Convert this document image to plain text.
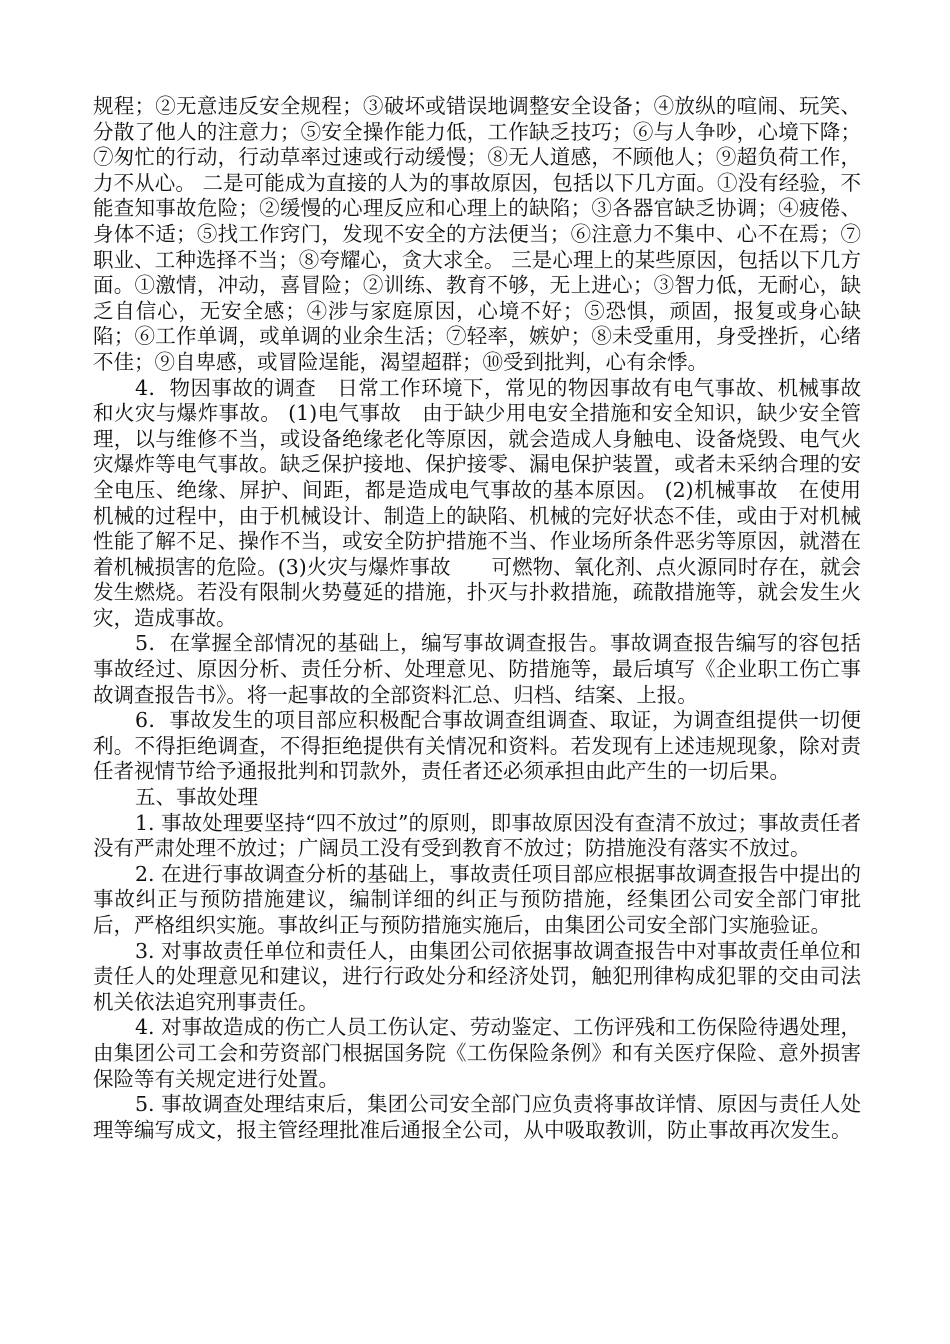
规程；②无意违反安全规程；③破坏或错误地调整安全设备；④放纵的喧闹、玩笑、分散了他人的注意力；⑤安全操作能力低，工作缺乏技巧；⑥与人争吵，心境下降；⑦匆忙的行动，行动草率过速或行动缓慢；⑧无人道感，不顾他人；⑨超负荷工作，力不从心。 二是可能成为直接的人为的事故原因，包括以下几方面。①没有经验，不能查知事故危险；②缓慢的心理反应和心理上的缺陷；③各器官缺乏协调；④疲倦、身体不适；⑤找工作窍门，发现不安全的方法便当；⑥注意力不集中、心不在焉；⑦职业、工种选择不当；⑧夸耀心，贪大求全。 三是心理上的某些原因，包括以下几方面。①激情，冲动，喜冒险；②训练、教育不够，无上进心；③智力低，无耐心，缺乏自信心，无安全感；④涉与家庭原因，心境不好；⑤恐惧，顽固，报复或身心缺陷；⑥工作单调，或单调的业余生活；⑦轻率，嫉妒；⑧未受重用，身受挫折，心绪不佳；⑨自卑感，或冒险逞能，渴望超群；⑩受到批判，心有余悸。

4．物因事故的调查　日常工作环境下，常见的物因事故有电气事故、机械事故和火灾与爆炸事故。 (1)电气事故　由于缺少用电安全措施和安全知识，缺少安全管理，以与维修不当，或设备绝缘老化等原因，就会造成人身触电、设备烧毁、电气火灾爆炸等电气事故。缺乏保护接地、保护接零、漏电保护装置，或者未采纳合理的安全电压、绝缘、屏护、间距，都是造成电气事故的基本原因。 (2)机械事故　在使用机械的过程中，由于机械设计、制造上的缺陷、机械的完好状态不佳，或由于对机械性能了解不足、操作不当，或安全防护措施不当、作业场所条件恶劣等原因，就潜在着机械损害的危险。(3)火灾与爆炸事故　　可燃物、氧化剂、点火源同时存在，就会发生燃烧。若没有限制火势蔓延的措施，扑灭与扑救措施，疏散措施等，就会发生火灾，造成事故。

5．在掌握全部情况的基础上，编写事故调查报告。事故调查报告编写的容包括事故经过、原因分析、责任分析、处理意见、防措施等，最后填写《企业职工伤亡事故调查报告书》。将一起事故的全部资料汇总、归档、结案、上报。

6．事故发生的项目部应积极配合事故调查组调查、取证，为调查组提供一切便利。不得拒绝调查，不得拒绝提供有关情况和资料。若发现有上述违规现象，除对责任者视情节给予通报批判和罚款外，责任者还必须承担由此产生的一切后果。

五、事故处理

1. 事故处理要坚持“四不放过”的原则，即事故原因没有查清不放过；事故责任者没有严肃处理不放过；广阔员工没有受到教育不放过；防措施没有落实不放过。

2. 在进行事故调查分析的基础上，事故责任项目部应根据事故调查报告中提出的事故纠正与预防措施建议，编制详细的纠正与预防措施，经集团公司安全部门审批后，严格组织实施。事故纠正与预防措施实施后，由集团公司安全部门实施验证。

3. 对事故责任单位和责任人，由集团公司依据事故调查报告中对事故责任单位和责任人的处理意见和建议，进行行政处分和经济处罚，触犯刑律构成犯罪的交由司法机关依法追究刑事责任。

4. 对事故造成的伤亡人员工伤认定、劳动鉴定、工伤评残和工伤保险待遇处理，由集团公司工会和劳资部门根据国务院《工伤保险条例》和有关医疗保险、意外损害保险等有关规定进行处置。

5. 事故调查处理结束后，集团公司安全部门应负责将事故详情、原因与责任人处理等编写成文，报主管经理批准后通报全公司，从中吸取教训，防止事故再次发生。
